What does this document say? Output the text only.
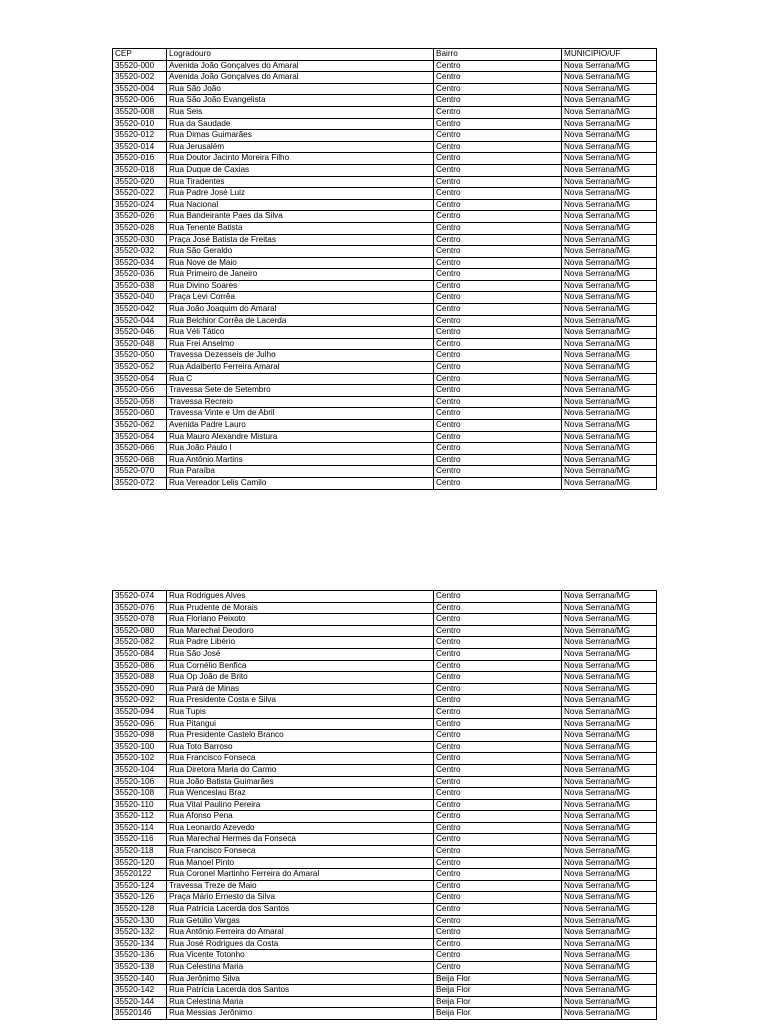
CEP	Logradouro	Bairro	MUNICIPIO/UF
35520-000	Avenida João Gonçalves do Amaral	Centro	Nova Serrana/MG
35520-002	Avenida João Gonçalves do Amaral	Centro	Nova Serrana/MG
35520-004	Rua São João	Centro	Nova Serrana/MG
35520-006	Rua São João Evangelista	Centro	Nova Serrana/MG
35520-008	Rua Seis	Centro	Nova Serrana/MG
35520-010	Rua da Saudade	Centro	Nova Serrana/MG
35520-012	Rua Dimas Guimarães	Centro	Nova Serrana/MG
35520-014	Rua Jerusalém	Centro	Nova Serrana/MG
35520-016	Rua Doutor Jacinto Moreira Filho	Centro	Nova Serrana/MG
35520-018	Rua Duque de Caxias	Centro	Nova Serrana/MG
35520-020	Rua Tiradentes	Centro	Nova Serrana/MG
35520-022	Rua Padre José Luiz	Centro	Nova Serrana/MG
35520-024	Rua Nacional	Centro	Nova Serrana/MG
35520-026	Rua Bandeirante Paes da Silva	Centro	Nova Serrana/MG
35520-028	Rua Tenente Batista	Centro	Nova Serrana/MG
35520-030	Praça José Batista de Freitas	Centro	Nova Serrana/MG
35520-032	Rua São Geraldo	Centro	Nova Serrana/MG
35520-034	Rua Nove de Maio	Centro	Nova Serrana/MG
35520-036	Rua Primeiro de Janeiro	Centro	Nova Serrana/MG
35520-038	Rua Divino Soares	Centro	Nova Serrana/MG
35520-040	Praça Levi Corrêa	Centro	Nova Serrana/MG
35520-042	Rua João Joaquim do Amaral	Centro	Nova Serrana/MG
35520-044	Rua Belchior Corrêa de Lacerda	Centro	Nova Serrana/MG
35520-046	Rua Véli Tático	Centro	Nova Serrana/MG
35520-048	Rua Frei Anselmo	Centro	Nova Serrana/MG
35520-050	Travessa Dezesseis de Julho	Centro	Nova Serrana/MG
35520-052	Rua Adalberto Ferreira Amaral	Centro	Nova Serrana/MG
35520-054	Rua C	Centro	Nova Serrana/MG
35520-056	Travessa Sete de Setembro	Centro	Nova Serrana/MG
35520-058	Travessa Recreio	Centro	Nova Serrana/MG
35520-060	Travessa Vinte e Um de Abril	Centro	Nova Serrana/MG
35520-062	Avenida Padre Lauro	Centro	Nova Serrana/MG
35520-064	Rua Mauro Alexandre Mistura	Centro	Nova Serrana/MG
35520-066	Rua João Paulo I	Centro	Nova Serrana/MG
35520-068	Rua Antônio Martins	Centro	Nova Serrana/MG
35520-070	Rua Paraíba	Centro	Nova Serrana/MG
35520-072	Rua Vereador Lelis Camilo	Centro	Nova Serrana/MG
35520-074	Rua Rodrigues Alves	Centro	Nova Serrana/MG
35520-076	Rua Prudente de Morais	Centro	Nova Serrana/MG
35520-078	Rua Floriano Peixoto	Centro	Nova Serrana/MG
35520-080	Rua Marechal Deodoro	Centro	Nova Serrana/MG
35520-082	Rua Padre Libério	Centro	Nova Serrana/MG
35520-084	Rua São José	Centro	Nova Serrana/MG
35520-086	Rua Cornélio Benfica	Centro	Nova Serrana/MG
35520-088	Rua Op João de Brito	Centro	Nova Serrana/MG
35520-090	Rua Pará de Minas	Centro	Nova Serrana/MG
35520-092	Rua Presidente Costa e Silva	Centro	Nova Serrana/MG
35520-094	Rua Tupis	Centro	Nova Serrana/MG
35520-096	Rua Pitangui	Centro	Nova Serrana/MG
35520-098	Rua Presidente Castelo Branco	Centro	Nova Serrana/MG
35520-100	Rua Toto Barroso	Centro	Nova Serrana/MG
35520-102	Rua Francisco Fonseca	Centro	Nova Serrana/MG
35520-104	Rua Diretora Maria do Carmo	Centro	Nova Serrana/MG
35520-106	Rua João Batista Guimarães	Centro	Nova Serrana/MG
35520-108	Rua Wenceslau Braz	Centro	Nova Serrana/MG
35520-110	Rua Vital Paulino Pereira	Centro	Nova Serrana/MG
35520-112	Rua Afonso Pena	Centro	Nova Serrana/MG
35520-114	Rua Leonardo Azevedo	Centro	Nova Serrana/MG
35520-116	Rua Marechal Hermes da Fonseca	Centro	Nova Serrana/MG
35520-118	Rua Francisco Fonseca	Centro	Nova Serrana/MG
35520-120	Rua Manoel Pinto	Centro	Nova Serrana/MG
35520122	Rua Coronel Martinho Ferreira do Amaral	Centro	Nova Serrana/MG
35520-124	Travessa Treze de Maio	Centro	Nova Serrana/MG
35520-126	Praça Mário Ernesto da Silva	Centro	Nova Serrana/MG
35520-128	Rua Patrícia Lacerda dos Santos	Centro	Nova Serrana/MG
35520-130	Rua Getúlio Vargas	Centro	Nova Serrana/MG
35520-132	Rua Antônio Ferreira do Amaral	Centro	Nova Serrana/MG
35520-134	Rua José Rodrigues da Costa	Centro	Nova Serrana/MG
35520-136	Rua Vicente Totonho	Centro	Nova Serrana/MG
35520-138	Rua Celestina Maria	Centro	Nova Serrana/MG
35520-140	Rua Jerônimo Silva	Beija Flor	Nova Serrana/MG
35520-142	Rua Patrícia Lacerda dos Santos	Beija Flor	Nova Serrana/MG
35520-144	Rua Celestina Maria	Beija Flor	Nova Serrana/MG
35520146	Rua Messias Jerônimo	Beija Flor	Nova Serrana/MG
